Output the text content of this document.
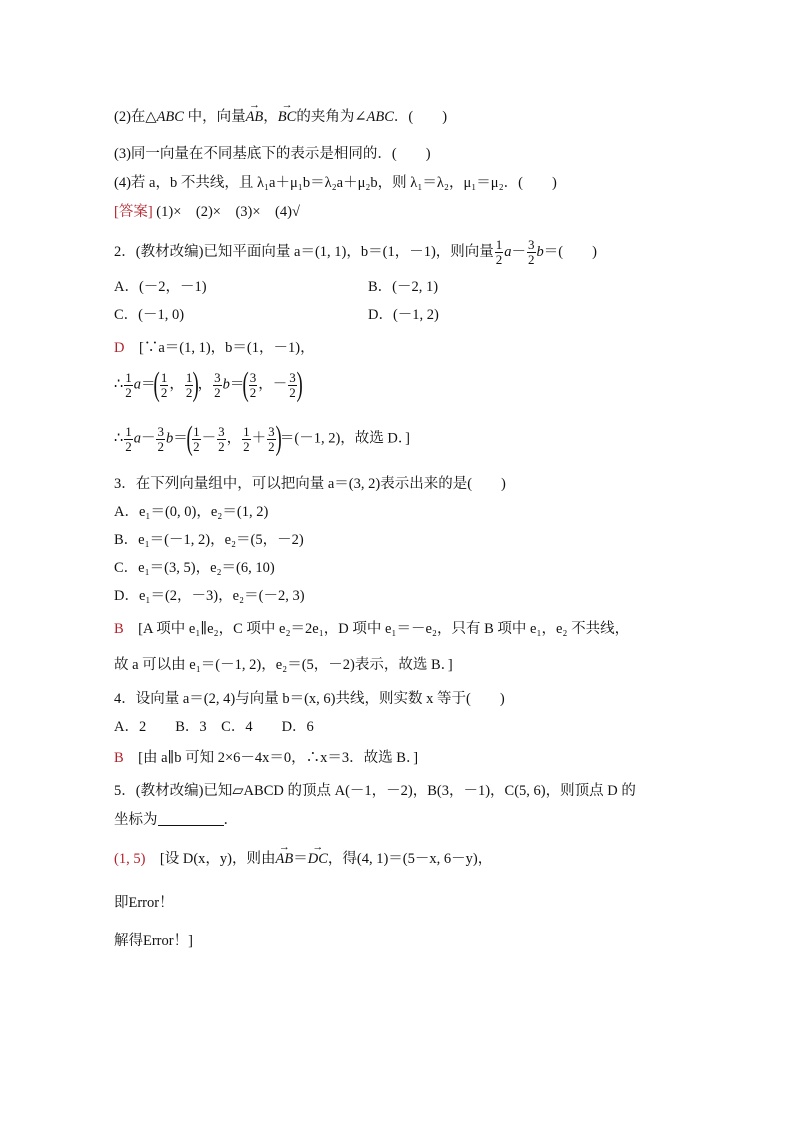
(2)在△ABC 中，向量→ AB，→ BC的夹角为∠ABC．(　　)
(3)同一向量在不同基底下的表示是相同的．(　　)
(4)若 a，b 不共线，且 λ₁a＋μ₁b＝λ₂a＋μ₂b，则 λ₁＝λ₂，μ₁＝μ₂．(　　)
[答案] (1)×　(2)×　(3)×　(4)√
2．(教材改编)已知平面向量 a＝(1, 1)，b＝(1，－1)，则向量 $\frac{1}{2} a- \frac{3}{2} b=$(　　)
A．(－2，－1)	B．(－2, 1)
C．(－1, 0)	D．(－1, 2)
D　 [∵a＝(1, 1)，b＝(1，－1)，
∴ $\frac{1}{2} a=( \frac{1}{2}$ ， $\frac{1}{2}$ )， $\frac{3}{2} b=( \frac{3}{2}$ ，－ $\frac{3}{2}$ )
∴ $\frac{1}{2} a- \frac{3}{2} b=( \frac{1}{2} - \frac{3}{2}$ ， $\frac{1}{2} + \frac{3}{2} )=(-1$, 2)，故选 D．]
3．在下列向量组中，可以把向量 a＝(3, 2)表示出来的是(　　)
A．e₁＝(0, 0)，e₂＝(1, 2)
B．e₁＝(－1, 2)，e₂＝(5，－2)
C．e₁＝(3, 5)，e₂＝(6, 10)
D．e₁＝(2，－3)，e₂＝(－2, 3)
B　 [A 项中 e₁∥e₂，C 项中 e₂＝2e₁，D 项中 e₁＝－e₂，只有 B 项中 e₁，e₂ 不共线，
故 a 可以由 e₁＝(－1, 2)，e₂＝(5，－2)表示，故选 B．]
4．设向量 a＝(2, 4)与向量 b＝(x, 6)共线，则实数 x 等于(　　)
A．2　　B．3　C．4　　D．6
B　 [由 a∥b 可知 2×6－4x＝0，∴x＝3．故选 B．]
5．(教材改编)已知▱ABCD 的顶点 A(－1，－2)，B(3，－1)，C(5, 6)，则顶点 D 的
坐标为	．
(1, 5)　 [设 D(x，y)，则由→ AB＝→ DC，得(4, 1)＝(5－x, 6－y)，
即Error！
解得Error！]
